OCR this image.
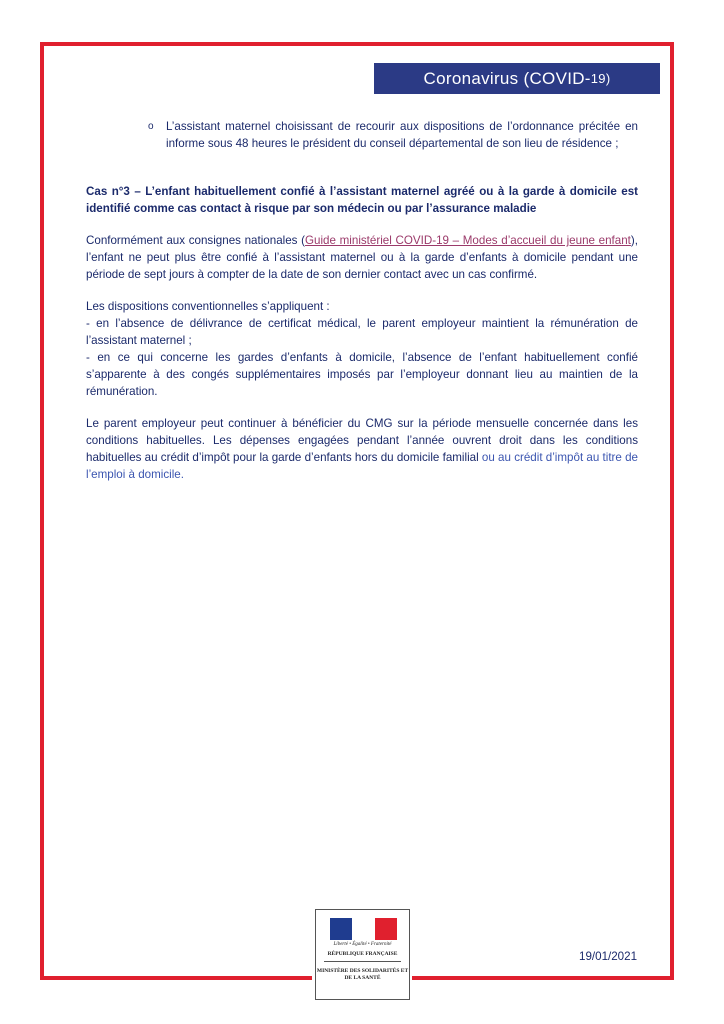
Coronavirus (COVID- 19)
o	L’assistant maternel choisissant de recourir aux dispositions de l’ordonnance précitée en informe sous 48 heures le président du conseil départemental de son lieu de résidence ;
Cas n°3 – L’enfant habituellement confié à l’assistant maternel agréé ou à la garde à domicile est identifié comme cas contact à risque par son médecin ou par l’assurance maladie
Conformément aux consignes nationales (Guide ministériel COVID-19 – Modes d’accueil du jeune enfant), l’enfant ne peut plus être confié à l’assistant maternel ou à la garde d’enfants à domicile pendant une période de sept jours à compter de la date de son dernier contact avec un cas confirmé.

Les dispositions conventionnelles s’appliquent :

- en l’absence de délivrance de certificat médical, le parent employeur maintient la rémunération de l’assistant maternel ;

- en ce qui concerne les gardes d’enfants à domicile, l’absence de l’enfant habituellement confié s’apparente à des congés supplémentaires imposés par l’employeur donnant lieu au maintien de la rémunération.

Le parent employeur peut continuer à bénéficier du CMG sur la période mensuelle concernée dans les conditions habituelles. Les dépenses engagées pendant l’année ouvrent droit dans les conditions habituelles au crédit d’impôt pour la garde d’enfants hors du domicile familial ou au crédit d’impôt au titre de l’emploi à domicile.
Liberté • Égalité • Fraternité
RÉPUBLIQUE FRANÇAISE
MINISTÈRE DES SOLIDARITÉS ET DE LA SANTÉ
19/01/2021
